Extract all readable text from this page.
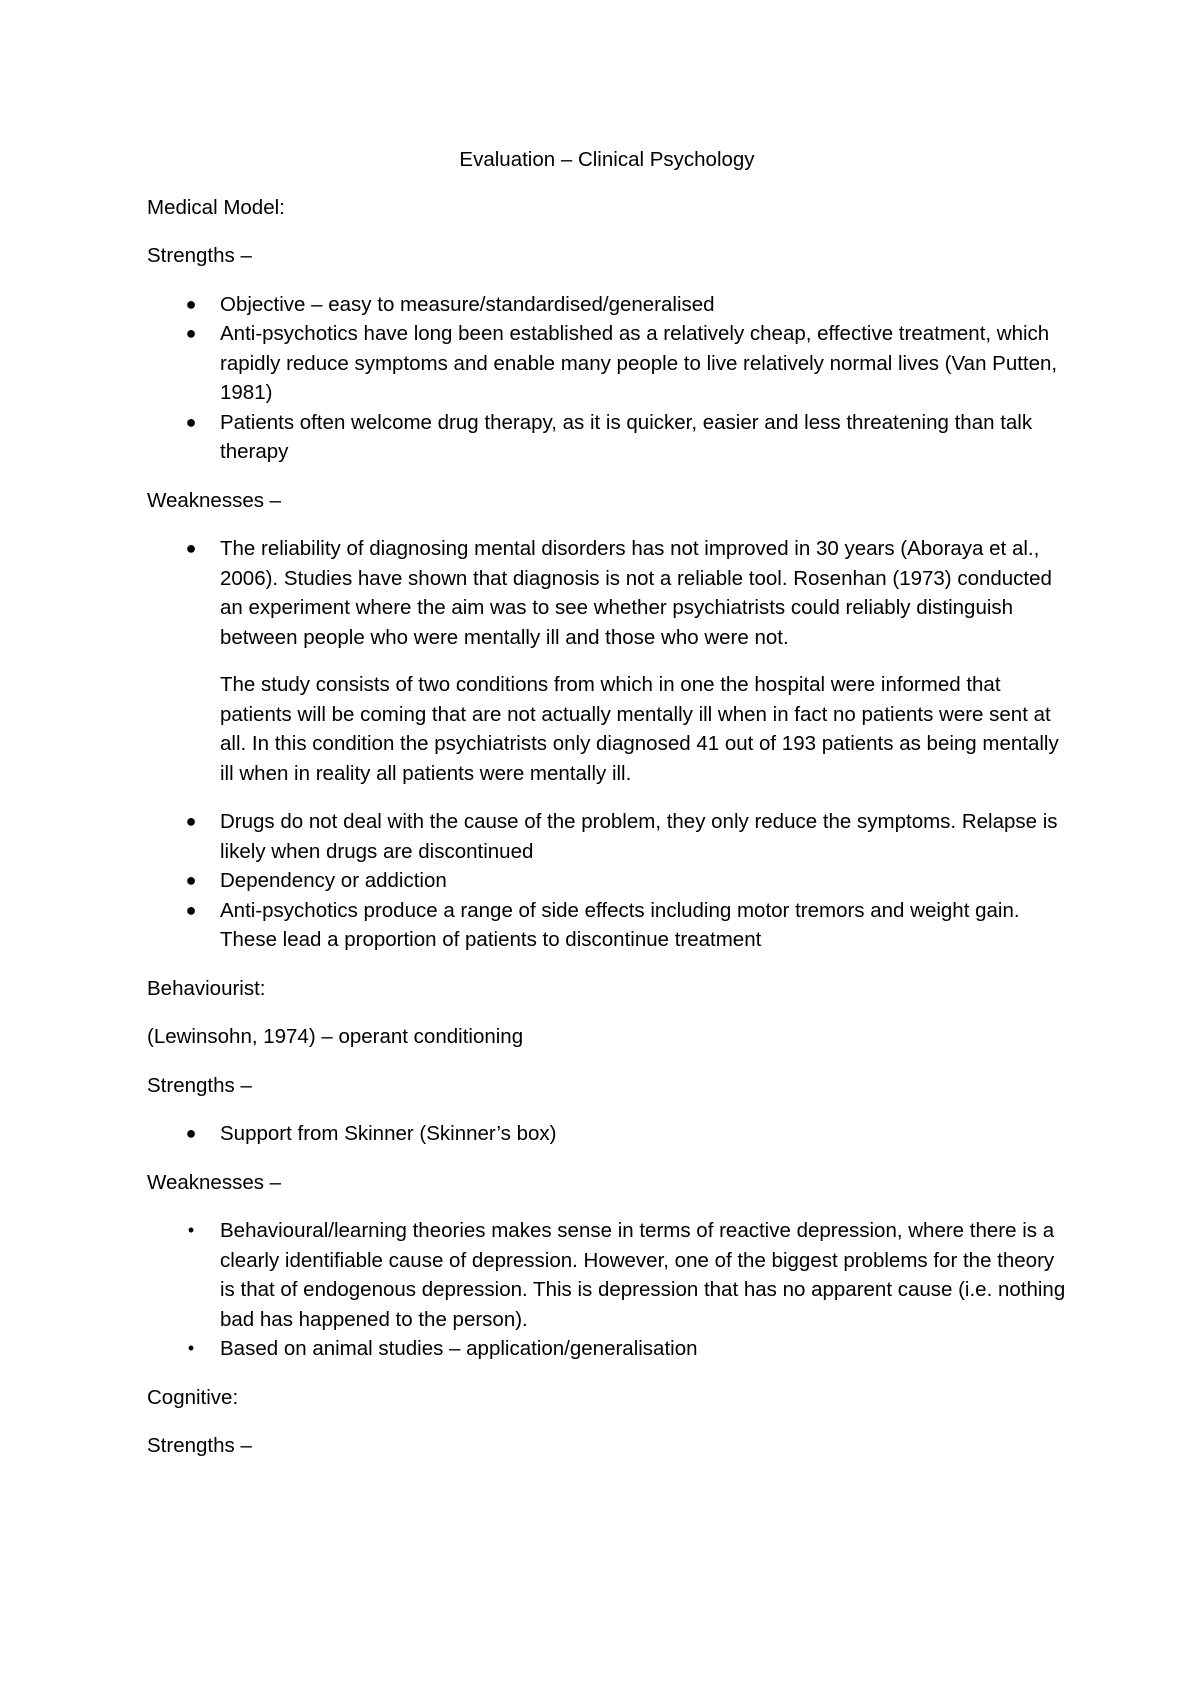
Evaluation – Clinical Psychology
Medical Model:
Strengths –
● Objective – easy to measure/standardised/generalised
● Anti-psychotics have long been established as a relatively cheap, effective treatment, which rapidly reduce symptoms and enable many people to live relatively normal lives (Van Putten, 1981)
● Patients often welcome drug therapy, as it is quicker, easier and less threatening than talk therapy
Weaknesses –
● The reliability of diagnosing mental disorders has not improved in 30 years (Aboraya et al., 2006). Studies have shown that diagnosis is not a reliable tool. Rosenhan (1973) conducted an experiment where the aim was to see whether psychiatrists could reliably distinguish between people who were mentally ill and those who were not.
The study consists of two conditions from which in one the hospital were informed that patients will be coming that are not actually mentally ill when in fact no patients were sent at all. In this condition the psychiatrists only diagnosed 41 out of 193 patients as being mentally ill when in reality all patients were mentally ill.
● Drugs do not deal with the cause of the problem, they only reduce the symptoms. Relapse is likely when drugs are discontinued
● Dependency or addiction
● Anti-psychotics produce a range of side effects including motor tremors and weight gain. These lead a proportion of patients to discontinue treatment
Behaviourist:
(Lewinsohn, 1974) – operant conditioning
Strengths –
● Support from Skinner (Skinner’s box)
Weaknesses –
• Behavioural/learning theories makes sense in terms of reactive depression, where there is a clearly identifiable cause of depression. However, one of the biggest problems for the theory is that of endogenous depression. This is depression that has no apparent cause (i.e. nothing bad has happened to the person).
• Based on animal studies – application/generalisation
Cognitive:
Strengths –
